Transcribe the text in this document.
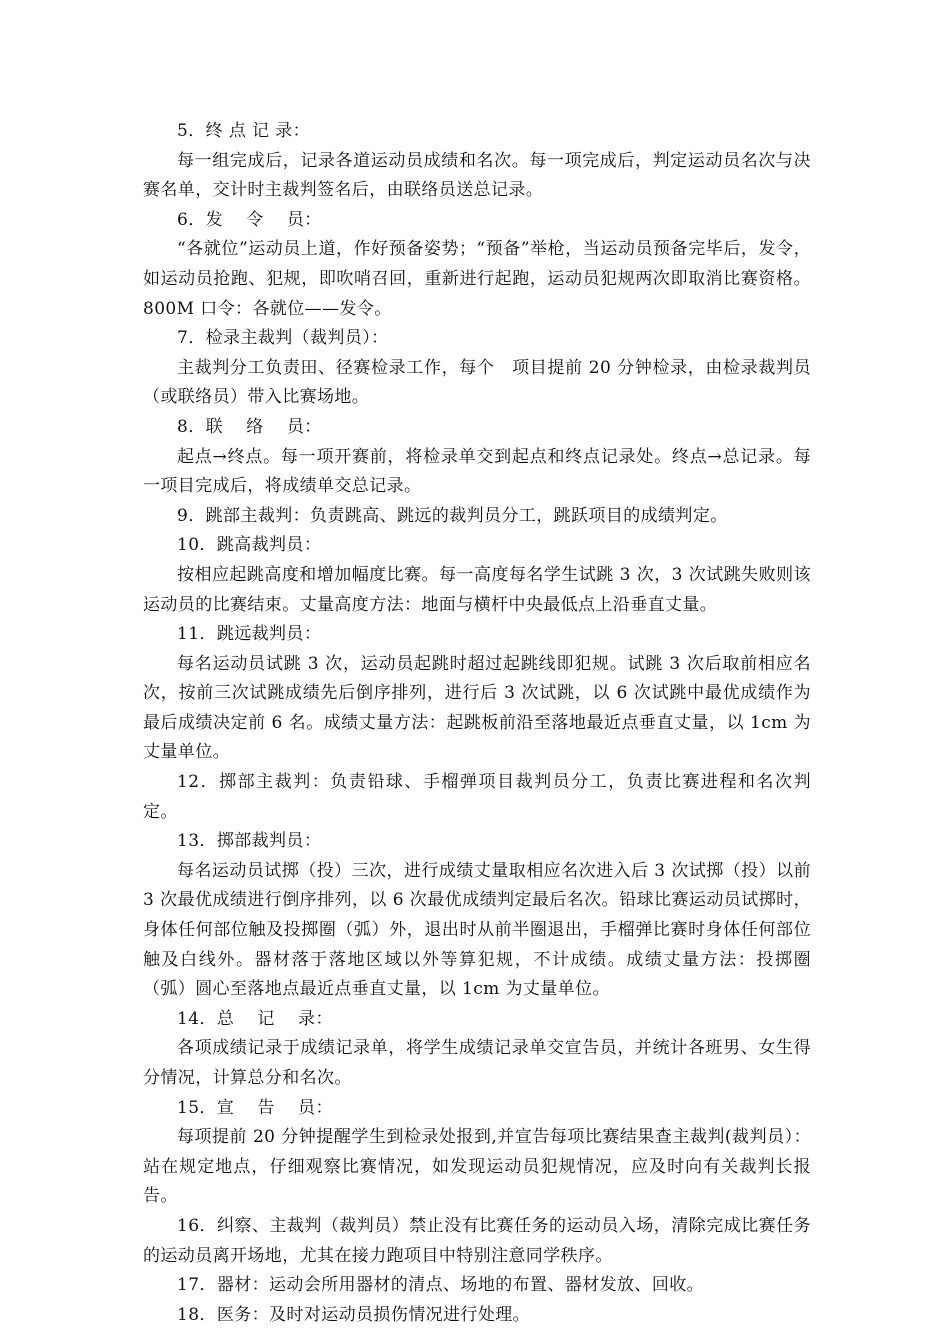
5．终 点 记 录：

每一组完成后，记录各道运动员成绩和名次。每一项完成后，判定运动员名次与决赛名单，交计时主裁判签名后，由联络员送总记录。

6．发　 令　 员：

“各就位”运动员上道，作好预备姿势；“预备”举枪，当运动员预备完毕后，发令，如运动员抢跑、犯规，即吹哨召回，重新进行起跑，运动员犯规两次即取消比赛资格。800M 口令：各就位——发令。

7．检录主裁判（裁判员）：

主裁判分工负责田、径赛检录工作，每个　项目提前 20 分钟检录，由检录裁判员（或联络员）带入比赛场地。

8．联　 络　 员：

起点→终点。每一项开赛前，将检录单交到起点和终点记录处。终点→总记录。每一项目完成后，将成绩单交总记录。

9．跳部主裁判：负责跳高、跳远的裁判员分工，跳跃项目的成绩判定。

10．跳高裁判员：

按相应起跳高度和增加幅度比赛。每一高度每名学生试跳 3 次，3 次试跳失败则该运动员的比赛结束。丈量高度方法：地面与横杆中央最低点上沿垂直丈量。

11．跳远裁判员：

每名运动员试跳 3 次，运动员起跳时超过起跳线即犯规。试跳 3 次后取前相应名次，按前三次试跳成绩先后倒序排列，进行后 3 次试跳，以 6 次试跳中最优成绩作为最后成绩决定前 6 名。成绩丈量方法：起跳板前沿至落地最近点垂直丈量，以 1cm 为丈量单位。

12．掷部主裁判：负责铅球、手榴弹项目裁判员分工，负责比赛进程和名次判　定。

13．掷部裁判员：

每名运动员试掷（投）三次，进行成绩丈量取相应名次进入后 3 次试掷（投）以前 3 次最优成绩进行倒序排列，以 6 次最优成绩判定最后名次。铅球比赛运动员试掷时，身体任何部位触及投掷圈（弧）外，退出时从前半圈退出，手榴弹比赛时身体任何部位触及白线外。器材落于落地区域以外等算犯规，不计成绩。成绩丈量方法：投掷圈（弧）圆心至落地点最近点垂直丈量，以 1cm 为丈量单位。

14．总　 记　 录：

各项成绩记录于成绩记录单，将学生成绩记录单交宣告员，并统计各班男、女生得分情况，计算总分和名次。

15．宣　 告　 员：

每项提前 20 分钟提醒学生到检录处报到,并宣告每项比赛结果查主裁判(裁判员）：站在规定地点，仔细观察比赛情况，如发现运动员犯规情况，应及时向有关裁判长报告。

16．纠察、主裁判（裁判员）禁止没有比赛任务的运动员入场，清除完成比赛任务的运动员离开场地，尤其在接力跑项目中特别注意同学秩序。

17．器材：运动会所用器材的清点、场地的布置、器材发放、回收。

18．医务：及时对运动员损伤情况进行处理。
